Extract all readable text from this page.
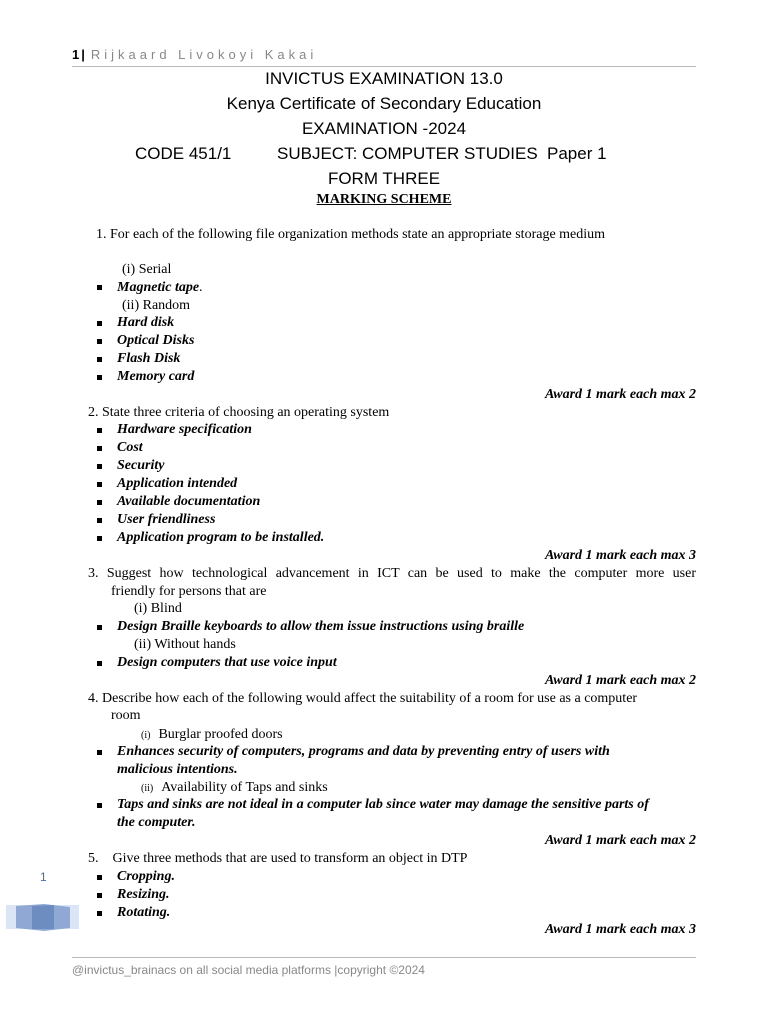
1 | Rijkaard Livokoyi Kakai
INVICTUS EXAMINATION 13.0
Kenya Certificate of Secondary Education
EXAMINATION -2024
CODE 451/1	SUBJECT: COMPUTER STUDIES Paper 1
FORM THREE
MARKING SCHEME
1. For each of the following file organization methods state an appropriate storage medium
(i) Serial
Magnetic tape.
(ii) Random
Hard disk
Optical Disks
Flash Disk
Memory card
Award 1 mark each max 2
2. State three criteria of choosing an operating system
Hardware specification
Cost
Security
Application intended
Available documentation
User friendliness
Application program to be installed.
Award 1 mark each max 3
3. Suggest how technological advancement in ICT can be used to make the computer more user
friendly for persons that are
(i) Blind
Design Braille keyboards to allow them issue instructions using braille
(ii) Without hands
Design computers that use voice input
Award 1 mark each max 2
4. Describe how each of the following would affect the suitability of a room for use as a computer
room
(i) Burglar proofed doors
Enhances security of computers, programs and data by preventing entry of users with
malicious intentions.
(ii) Availability of Taps and sinks
Taps and sinks are not ideal in a computer lab since water may damage the sensitive parts of
the computer.
Award 1 mark each max 2
5. Give three methods that are used to transform an object in DTP
Cropping.
Resizing.
Rotating.
Award 1 mark each max 3
1
@invictus_brainacs on all social media platforms |copyright ©2024
